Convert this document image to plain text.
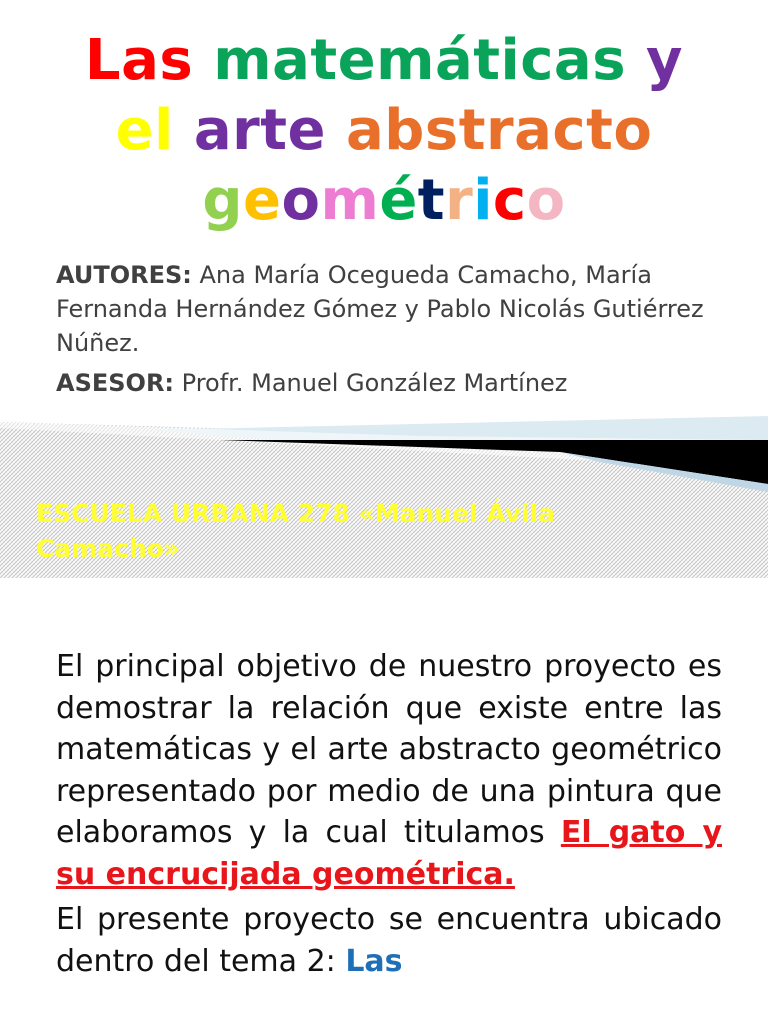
Las matemáticas y
el arte abstracto
geométrico
AUTORES: Ana María Ocegueda Camacho, María Fernanda Hernández Gómez y Pablo Nicolás Gutiérrez Núñez.
ASESOR: Profr. Manuel González Martínez
ESCUELA URBANA 278 «Manuel Ávila Camacho»

El principal objetivo de nuestro proyecto es demostrar la relación que existe entre las matemáticas y el arte abstracto geométrico representado por medio de una pintura que elaboramos y la cual titulamos El gato y su encrucijada geométrica.

El presente proyecto se encuentra ubicado dentro del tema 2: Las
